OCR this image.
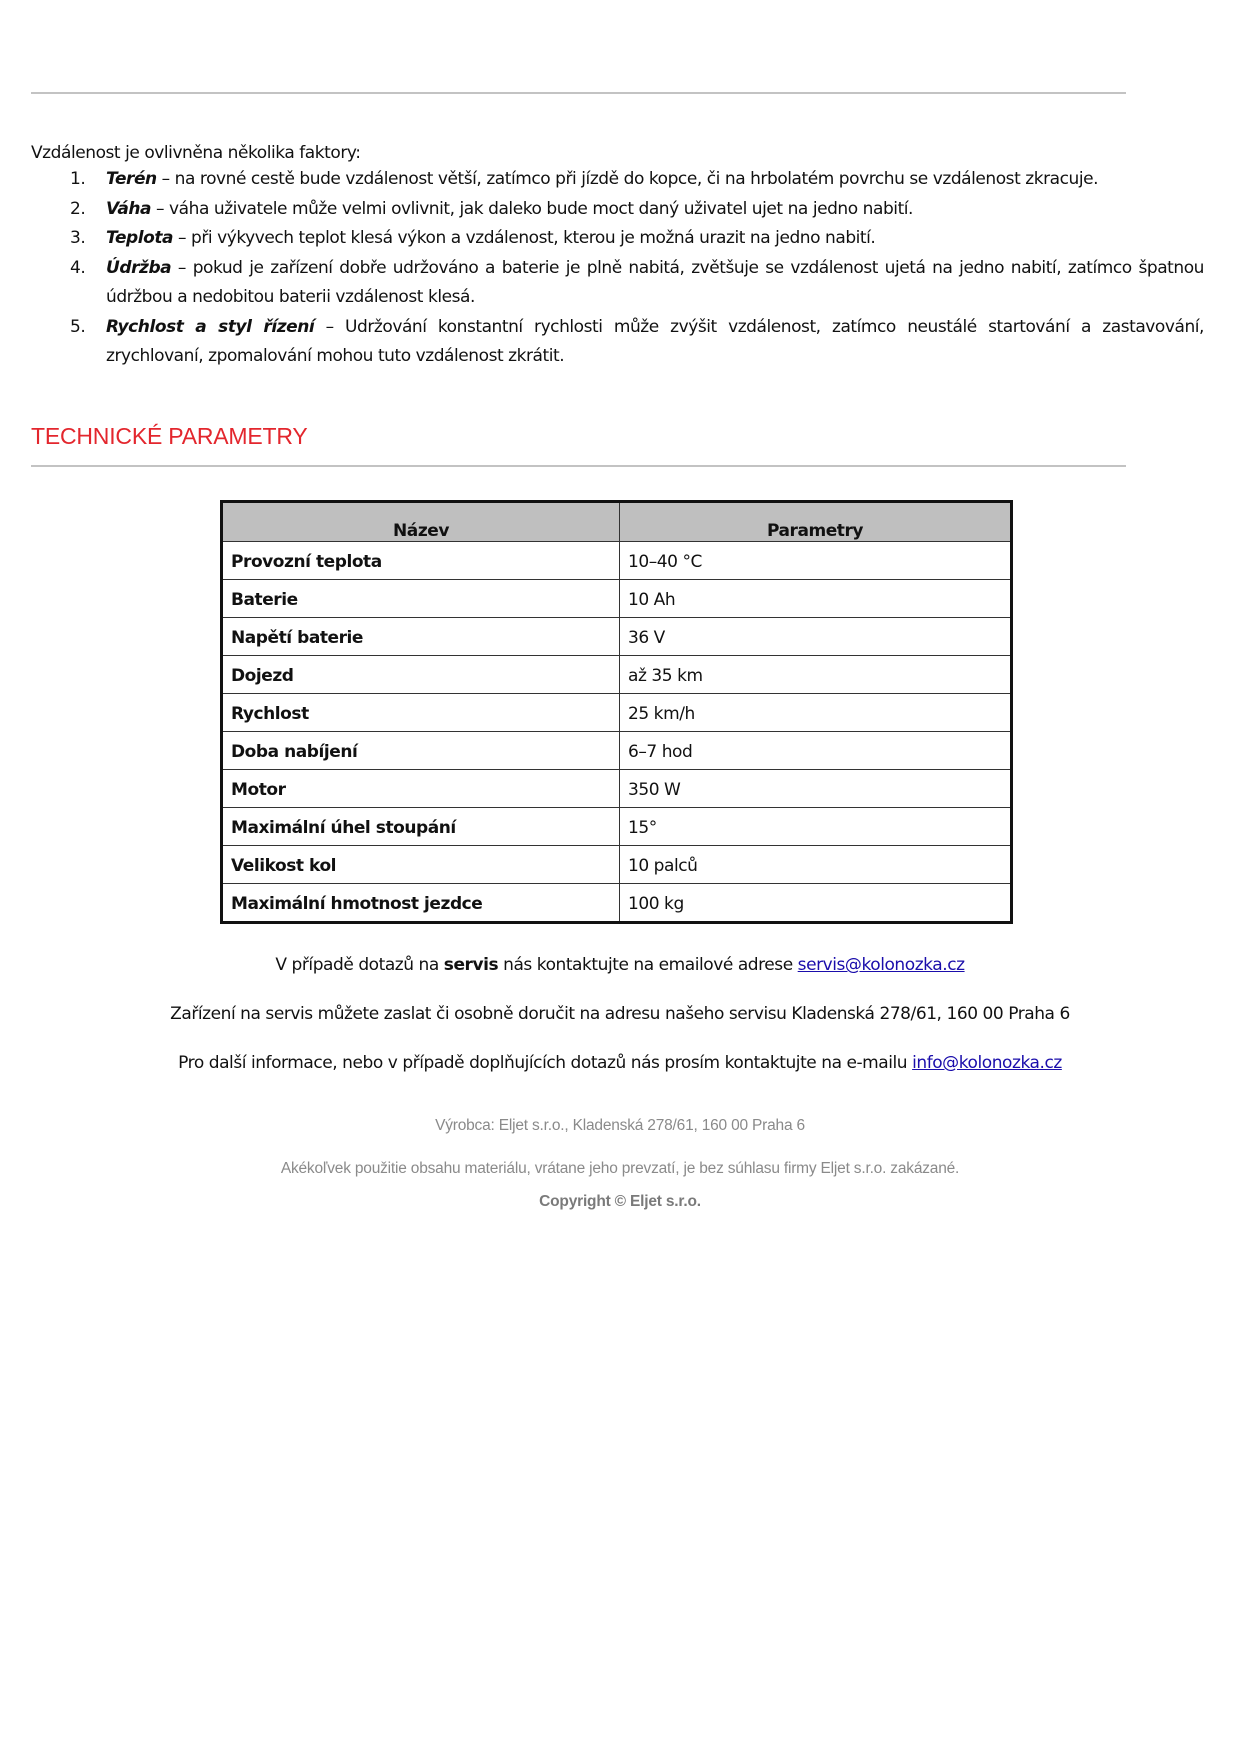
Vzdálenost je ovlivněna několika faktory:
1. Terén – na rovné cestě bude vzdálenost větší, zatímco při jízdě do kopce, či na hrbolatém povrchu se vzdálenost zkracuje.
2. Váha – váha uživatele může velmi ovlivnit, jak daleko bude moct daný uživatel ujet na jedno nabití.
3. Teplota – při výkyvech teplot klesá výkon a vzdálenost, kterou je možná urazit na jedno nabití.
4. Údržba – pokud je zařízení dobře udržováno a baterie je plně nabitá, zvětšuje se vzdálenost ujetá na jedno nabití, zatímco špatnou údržbou a nedobitou baterii vzdálenost klesá.
5. Rychlost a styl řízení – Udržování konstantní rychlosti může zvýšit vzdálenost, zatímco neustálé startování a zastavování, zrychlovaní, zpomalování mohou tuto vzdálenost zkrátit.
TECHNICKÉ PARAMETRY
Název	Parametry
Provozní teplota	10–40 °C
Baterie	10 Ah
Napětí baterie	36 V
Dojezd	až 35 km
Rychlost	25 km/h
Doba nabíjení	6–7 hod
Motor	350 W
Maximální úhel stoupání	15°
Velikost kol	10 palců
Maximální hmotnost jezdce	100 kg
V případě dotazů na servis nás kontaktujte na emailové adrese servis@kolonozka.cz
Zařízení na servis můžete zaslat či osobně doručit na adresu našeho servisu Kladenská 278/61, 160 00 Praha 6
Pro další informace, nebo v případě doplňujících dotazů nás prosím kontaktujte na e-mailu info@kolonozka.cz
Výrobca: Eljet s.r.o., Kladenská 278/61, 160 00 Praha 6
Akékoľvek použitie obsahu materiálu, vrátane jeho prevzatí, je bez súhlasu firmy Eljet s.r.o. zakázané.
Copyright © Eljet s.r.o.
